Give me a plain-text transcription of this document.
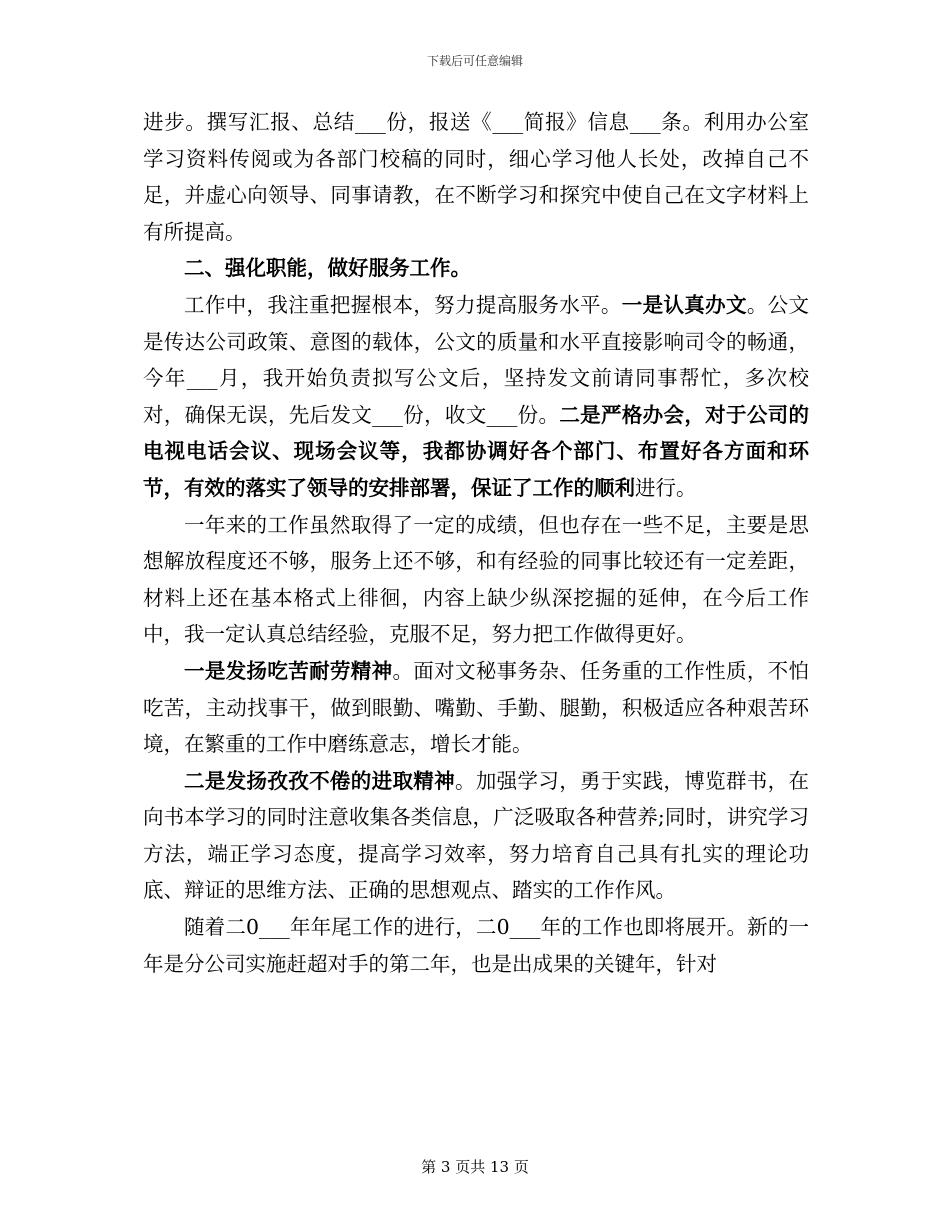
下载后可任意编辑

进步。撰写汇报、总结___份，报送《___简报》信息___条。利用办公室学习资料传阅或为各部门校稿的同时，细心学习他人长处，改掉自己不足，并虚心向领导、同事请教，在不断学习和探究中使自己在文字材料上有所提高。

二、强化职能，做好服务工作。

工作中，我注重把握根本，努力提高服务水平。一是认真办文。公文是传达公司政策、意图的载体，公文的质量和水平直接影响司令的畅通，今年___月，我开始负责拟写公文后，坚持发文前请同事帮忙，多次校对，确保无误，先后发文___份，收文___份。二是严格办会，对于公司的电视电话会议、现场会议等，我都协调好各个部门、布置好各方面和环节，有效的落实了领导的安排部署，保证了工作的顺利进行。

一年来的工作虽然取得了一定的成绩，但也存在一些不足，主要是思想解放程度还不够，服务上还不够，和有经验的同事比较还有一定差距，材料上还在基本格式上徘徊，内容上缺少纵深挖掘的延伸，在今后工作中，我一定认真总结经验，克服不足，努力把工作做得更好。

一是发扬吃苦耐劳精神。面对文秘事务杂、任务重的工作性质，不怕吃苦，主动找事干，做到眼勤、嘴勤、手勤、腿勤，积极适应各种艰苦环境，在繁重的工作中磨练意志，增长才能。

二是发扬孜孜不倦的进取精神。加强学习，勇于实践，博览群书，在向书本学习的同时注意收集各类信息，广泛吸取各种营养;同时，讲究学习方法，端正学习态度，提高学习效率，努力培育自己具有扎实的理论功底、辩证的思维方法、正确的思想观点、踏实的工作作风。

随着二0___年年尾工作的进行，二0___年的工作也即将展开。新的一年是分公司实施赶超对手的第二年，也是出成果的关键年，针对

第 3 页共 13 页
